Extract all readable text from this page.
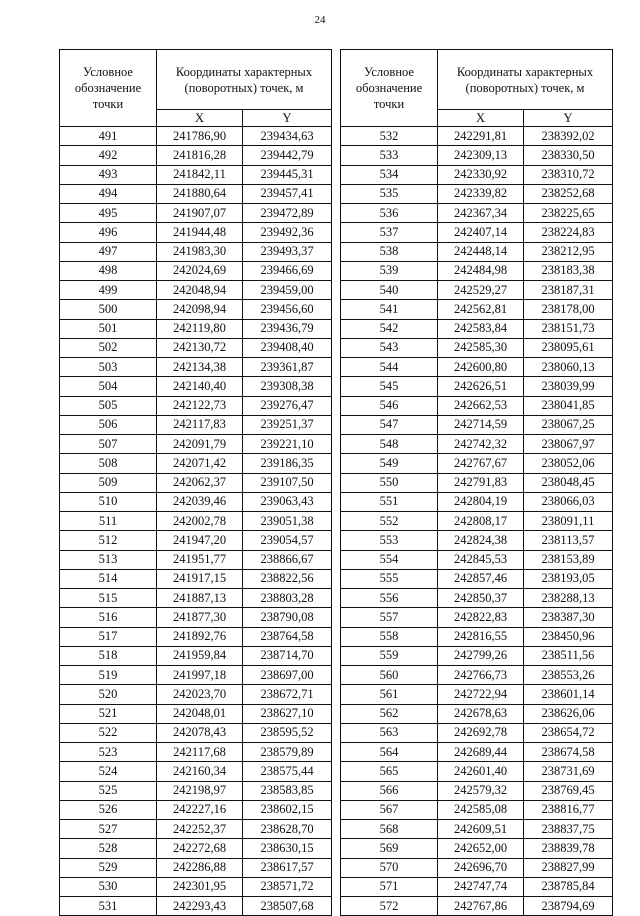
24
Условное обозначение точки	Координаты характерных (поворотных) точек, м	
	X	Y
491	241786,90	239434,63
492	241816,28	239442,79
493	241842,11	239445,31
494	241880,64	239457,41
495	241907,07	239472,89
496	241944,48	239492,36
497	241983,30	239493,37
498	242024,69	239466,69
499	242048,94	239459,00
500	242098,94	239456,60
501	242119,80	239436,79
502	242130,72	239408,40
503	242134,38	239361,87
504	242140,40	239308,38
505	242122,73	239276,47
506	242117,83	239251,37
507	242091,79	239221,10
508	242071,42	239186,35
509	242062,37	239107,50
510	242039,46	239063,43
511	242002,78	239051,38
512	241947,20	239054,57
513	241951,77	238866,67
514	241917,15	238822,56
515	241887,13	238803,28
516	241877,30	238790,08
517	241892,76	238764,58
518	241959,84	238714,70
519	241997,18	238697,00
520	242023,70	238672,71
521	242048,01	238627,10
522	242078,43	238595,52
523	242117,68	238579,89
524	242160,34	238575,44
525	242198,97	238583,85
526	242227,16	238602,15
527	242252,37	238628,70
528	242272,68	238630,15
529	242286,88	238617,57
530	242301,95	238571,72
531	242293,43	238507,68
Условное обозначение точки	Координаты характерных (поворотных) точек, м	
	X	Y
532	242291,81	238392,02
533	242309,13	238330,50
534	242330,92	238310,72
535	242339,82	238252,68
536	242367,34	238225,65
537	242407,14	238224,83
538	242448,14	238212,95
539	242484,98	238183,38
540	242529,27	238187,31
541	242562,81	238178,00
542	242583,84	238151,73
543	242585,30	238095,61
544	242600,80	238060,13
545	242626,51	238039,99
546	242662,53	238041,85
547	242714,59	238067,25
548	242742,32	238067,97
549	242767,67	238052,06
550	242791,83	238048,45
551	242804,19	238066,03
552	242808,17	238091,11
553	242824,38	238113,57
554	242845,53	238153,89
555	242857,46	238193,05
556	242850,37	238288,13
557	242822,83	238387,30
558	242816,55	238450,96
559	242799,26	238511,56
560	242766,73	238553,26
561	242722,94	238601,14
562	242678,63	238626,06
563	242692,78	238654,72
564	242689,44	238674,58
565	242601,40	238731,69
566	242579,32	238769,45
567	242585,08	238816,77
568	242609,51	238837,75
569	242652,00	238839,78
570	242696,70	238827,99
571	242747,74	238785,84
572	242767,86	238794,69
